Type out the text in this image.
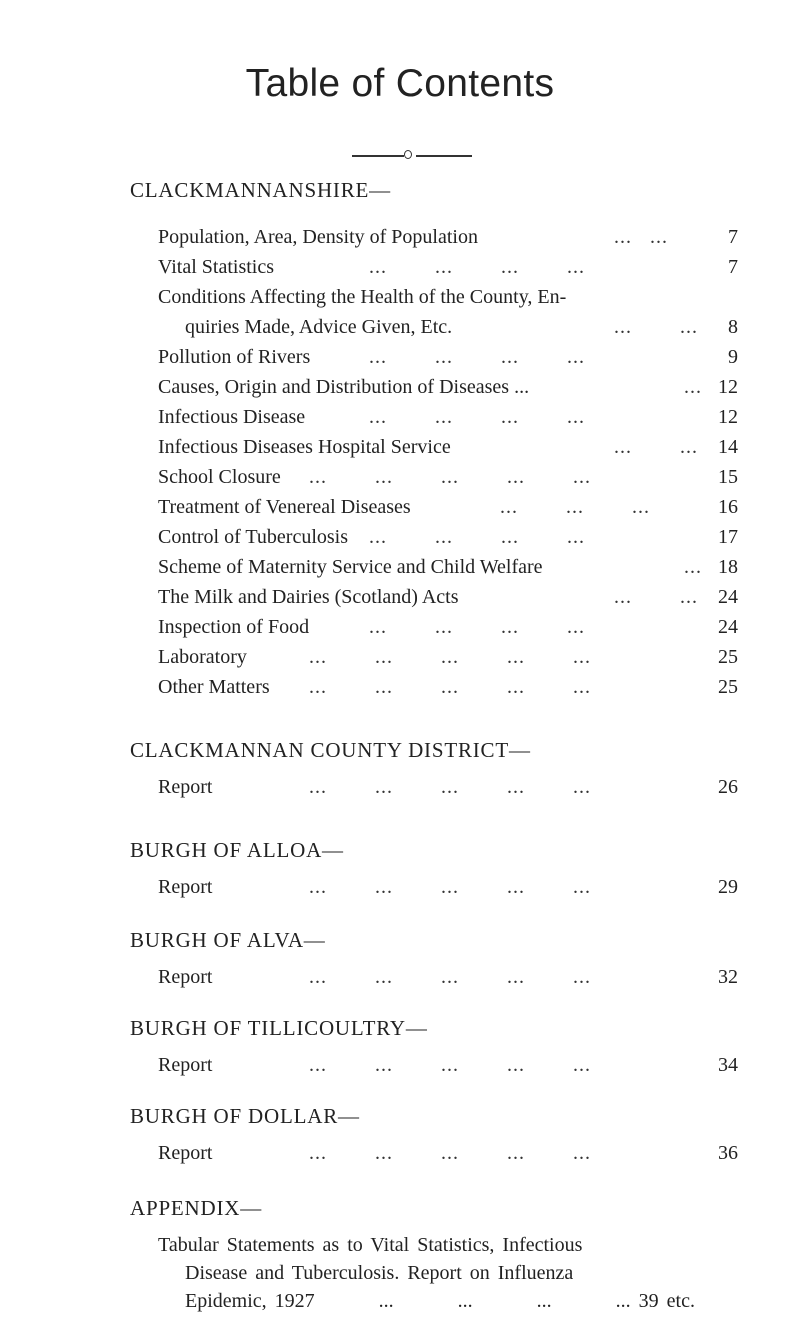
Table of Contents
CLACKMANNANSHIRE—
Population, Area, Density of Population	...   ...	7
Vital Statistics	...        ...        ...        ...	7
Conditions Affecting the Health of the County, En-
quiries Made, Advice Given, Etc.	...        ... 8
Pollution of Rivers	...        ...        ...        ...	9
Causes, Origin and Distribution of Diseases ...	... 12
Infectious Disease	...        ...        ...        ...	12
Infectious Diseases Hospital Service	...        ... 14
School Closure ...        ...        ...        ...        ...	15
Treatment of Venereal Diseases	...        ...        ...	16
Control of Tuberculosis ...        ...        ...        ...	17
Scheme of Maternity Service and Child Welfare	... 18
The Milk and Dairies (Scotland) Acts	...        ... 24
Inspection of Food	...        ...        ...        ...	24
Laboratory	...        ...        ...        ...        ...	25
Other Matters ...        ...        ...        ...        ...	25
CLACKMANNAN COUNTY DISTRICT—
Report	...        ...        ...        ...        ...	26
BURGH OF ALLOA—
Report	...        ...        ...        ...        ...	29
BURGH OF ALVA—
Report	...        ...        ...        ...        ...	32
BURGH OF TILLICOULTRY—
Report	...        ...        ...        ...        ...	34
BURGH OF DOLLAR—
Report	...        ...        ...        ...        ...	36
APPENDIX—
Tabular Statements as to Vital Statistics, Infectious
Disease and Tuberculosis. Report on Influenza
Epidemic, 1927        ...        ...        ...        ... 39 etc.
